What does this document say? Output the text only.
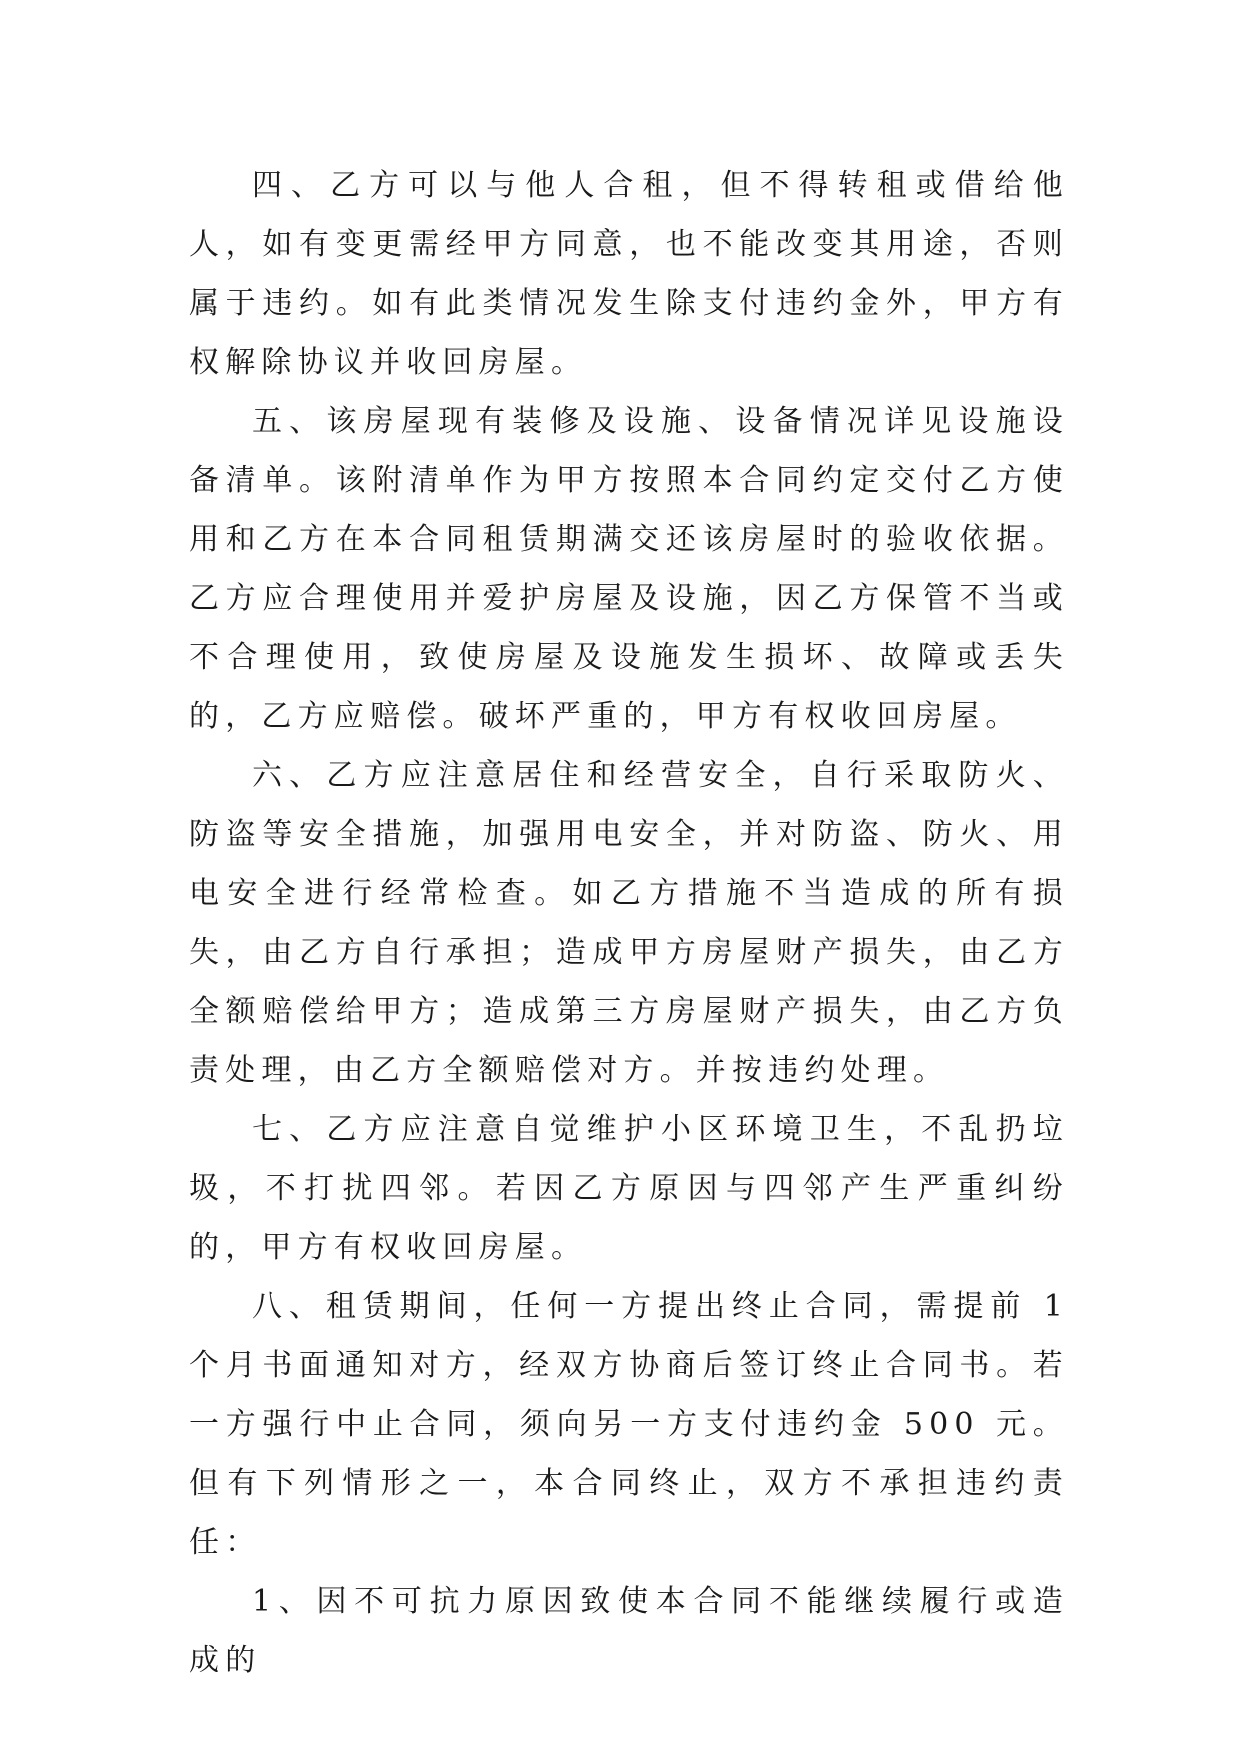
四、乙方可以与他人合租，但不得转租或借给他人，如有变更需经甲方同意，也不能改变其用途，否则属于违约。如有此类情况发生除支付违约金外，甲方有权解除协议并收回房屋。

五、该房屋现有装修及设施、设备情况详见设施设备清单。该附清单作为甲方按照本合同约定交付乙方使用和乙方在本合同租赁期满交还该房屋时的验收依据。乙方应合理使用并爱护房屋及设施，因乙方保管不当或不合理使用，致使房屋及设施发生损坏、故障或丢失的，乙方应赔偿。破坏严重的，甲方有权收回房屋。

六、乙方应注意居住和经营安全，自行采取防火、防盗等安全措施，加强用电安全，并对防盗、防火、用电安全进行经常检查。如乙方措施不当造成的所有损失，由乙方自行承担；造成甲方房屋财产损失，由乙方全额赔偿给甲方；造成第三方房屋财产损失，由乙方负责处理，由乙方全额赔偿对方。并按违约处理。

七、乙方应注意自觉维护小区环境卫生，不乱扔垃圾，不打扰四邻。若因乙方原因与四邻产生严重纠纷的，甲方有权收回房屋。

八、租赁期间，任何一方提出终止合同，需提前 1 个月书面通知对方，经双方协商后签订终止合同书。若一方强行中止合同，须向另一方支付违约金 500 元。但有下列情形之一，本合同终止，双方不承担违约责任：

1、因不可抗力原因致使本合同不能继续履行或造成的
